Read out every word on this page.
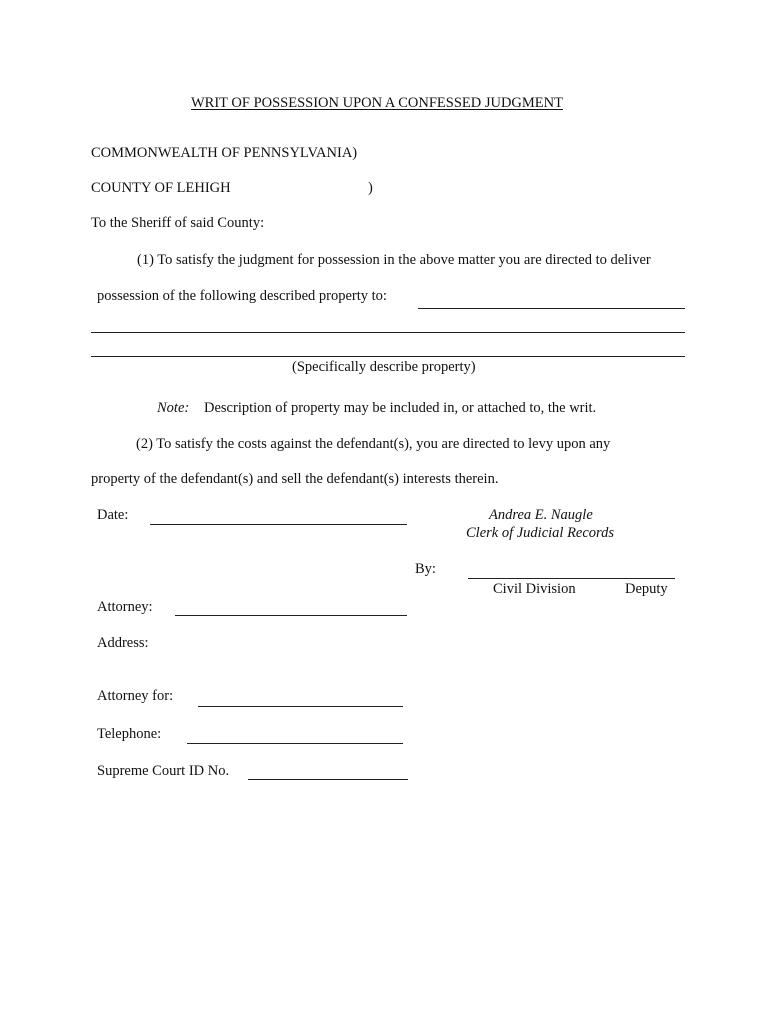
WRIT OF POSSESSION UPON A CONFESSED JUDGMENT
COMMONWEALTH OF PENNSYLVANIA)
COUNTY OF LEHIGH	)
To the Sheriff of said County:
(1) To satisfy the judgment for possession in the above matter you are directed to deliver
possession of the following described property to:
(Specifically describe property)
Note: Description of property may be included in, or attached to, the writ.
(2) To satisfy the costs against the defendant(s), you are directed to levy upon any
property of the defendant(s) and sell the defendant(s) interests therein.
Date:	Andrea E. Naugle
Clerk of Judicial Records
By:
Civil Division	Deputy
Attorney:
Address:
Attorney for:
Telephone:
Supreme Court ID No.
